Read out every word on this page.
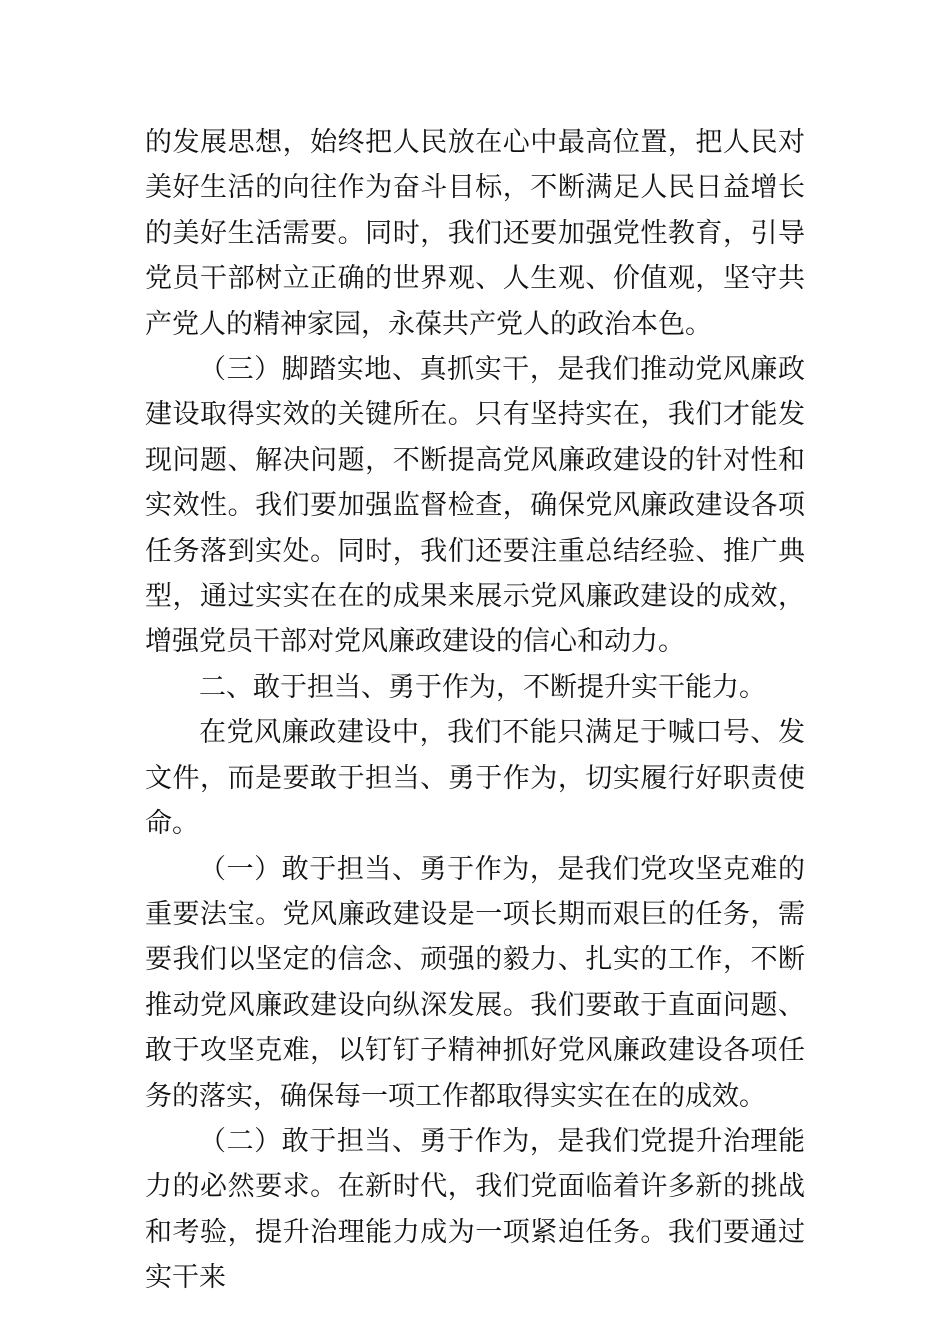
的发展思想，始终把人民放在心中最高位置，把人民对美好生活的向往作为奋斗目标，不断满足人民日益增长的美好生活需要。同时，我们还要加强党性教育，引导党员干部树立正确的世界观、人生观、价值观，坚守共产党人的精神家园，永葆共产党人的政治本色。

（三）脚踏实地、真抓实干，是我们推动党风廉政建设取得实效的关键所在。只有坚持实在，我们才能发现问题、解决问题，不断提高党风廉政建设的针对性和实效性。我们要加强监督检查，确保党风廉政建设各项任务落到实处。同时，我们还要注重总结经验、推广典型，通过实实在在的成果来展示党风廉政建设的成效，增强党员干部对党风廉政建设的信心和动力。

二、敢于担当、勇于作为，不断提升实干能力。

在党风廉政建设中，我们不能只满足于喊口号、发文件，而是要敢于担当、勇于作为，切实履行好职责使命。

（一）敢于担当、勇于作为，是我们党攻坚克难的重要法宝。党风廉政建设是一项长期而艰巨的任务，需要我们以坚定的信念、顽强的毅力、扎实的工作，不断推动党风廉政建设向纵深发展。我们要敢于直面问题、敢于攻坚克难，以钉钉子精神抓好党风廉政建设各项任务的落实，确保每一项工作都取得实实在在的成效。

（二）敢于担当、勇于作为，是我们党提升治理能力的必然要求。在新时代，我们党面临着许多新的挑战和考验，提升治理能力成为一项紧迫任务。我们要通过实干来
